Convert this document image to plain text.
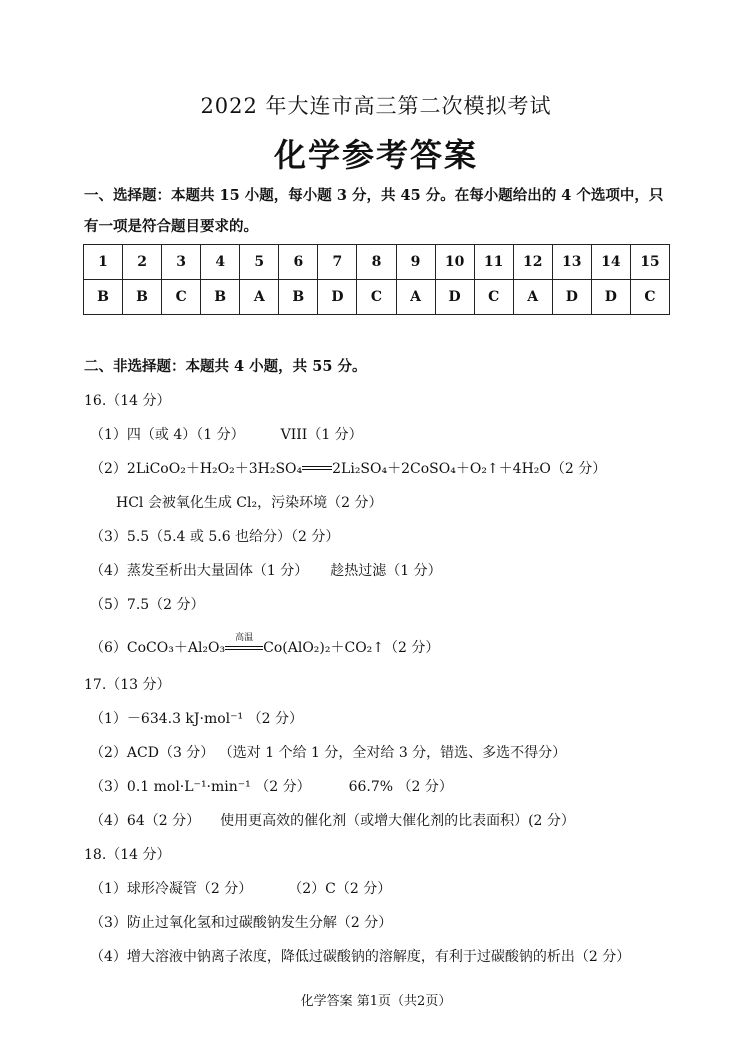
2022 年大连市高三第二次模拟考试
化学参考答案
一、选择题：本题共 15 小题，每小题 3 分，共 45 分。在每小题给出的 4 个选项中，只
有一项是符合题目要求的。
1	2	3	4	5	6	7	8	9	10	11	12	13	14	15
B	B	C	B	A	B	D	C	A	D	C	A	D	D	C
二、非选择题：本题共 4 小题，共 55 分。
16.（14 分）
（1）四（或 4）（1 分）	VIII（1 分）
（2）2LiCoO₂＋H₂O₂＋3H₂SO₄ 2Li₂SO₄＋2CoSO₄＋O₂↑＋4H₂O（2 分）
HCl 会被氧化生成 Cl₂，污染环境（2 分）
（3）5.5（5.4 或 5.6 也给分）（2 分）
（4）蒸发至析出大量固体（1 分） 趁热过滤（1 分）
（5）7.5（2 分）
（6）CoCO₃＋Al₂O₃
高温
Co(AlO₂)₂＋CO₂↑（2 分）
17.（13 分）
（1）－634.3 kJ·mol⁻¹ （2 分）
（2）ACD（3 分） （选对 1 个给 1 分，全对给 3 分，错选、多选不得分）
（3）0.1 mol·L⁻¹·min⁻¹ （2 分）	66.7% （2 分）
（4）64（2 分） 使用更高效的催化剂（或增大催化剂的比表面积）(2 分）
18.（14 分）
（1）球形冷凝管（2 分）	（2）C（2 分）
（3）防止过氧化氢和过碳酸钠发生分解（2 分）
（4）增大溶液中钠离子浓度，降低过碳酸钠的溶解度，有利于过碳酸钠的析出（2 分）
化学答案 第1页（共2页）
